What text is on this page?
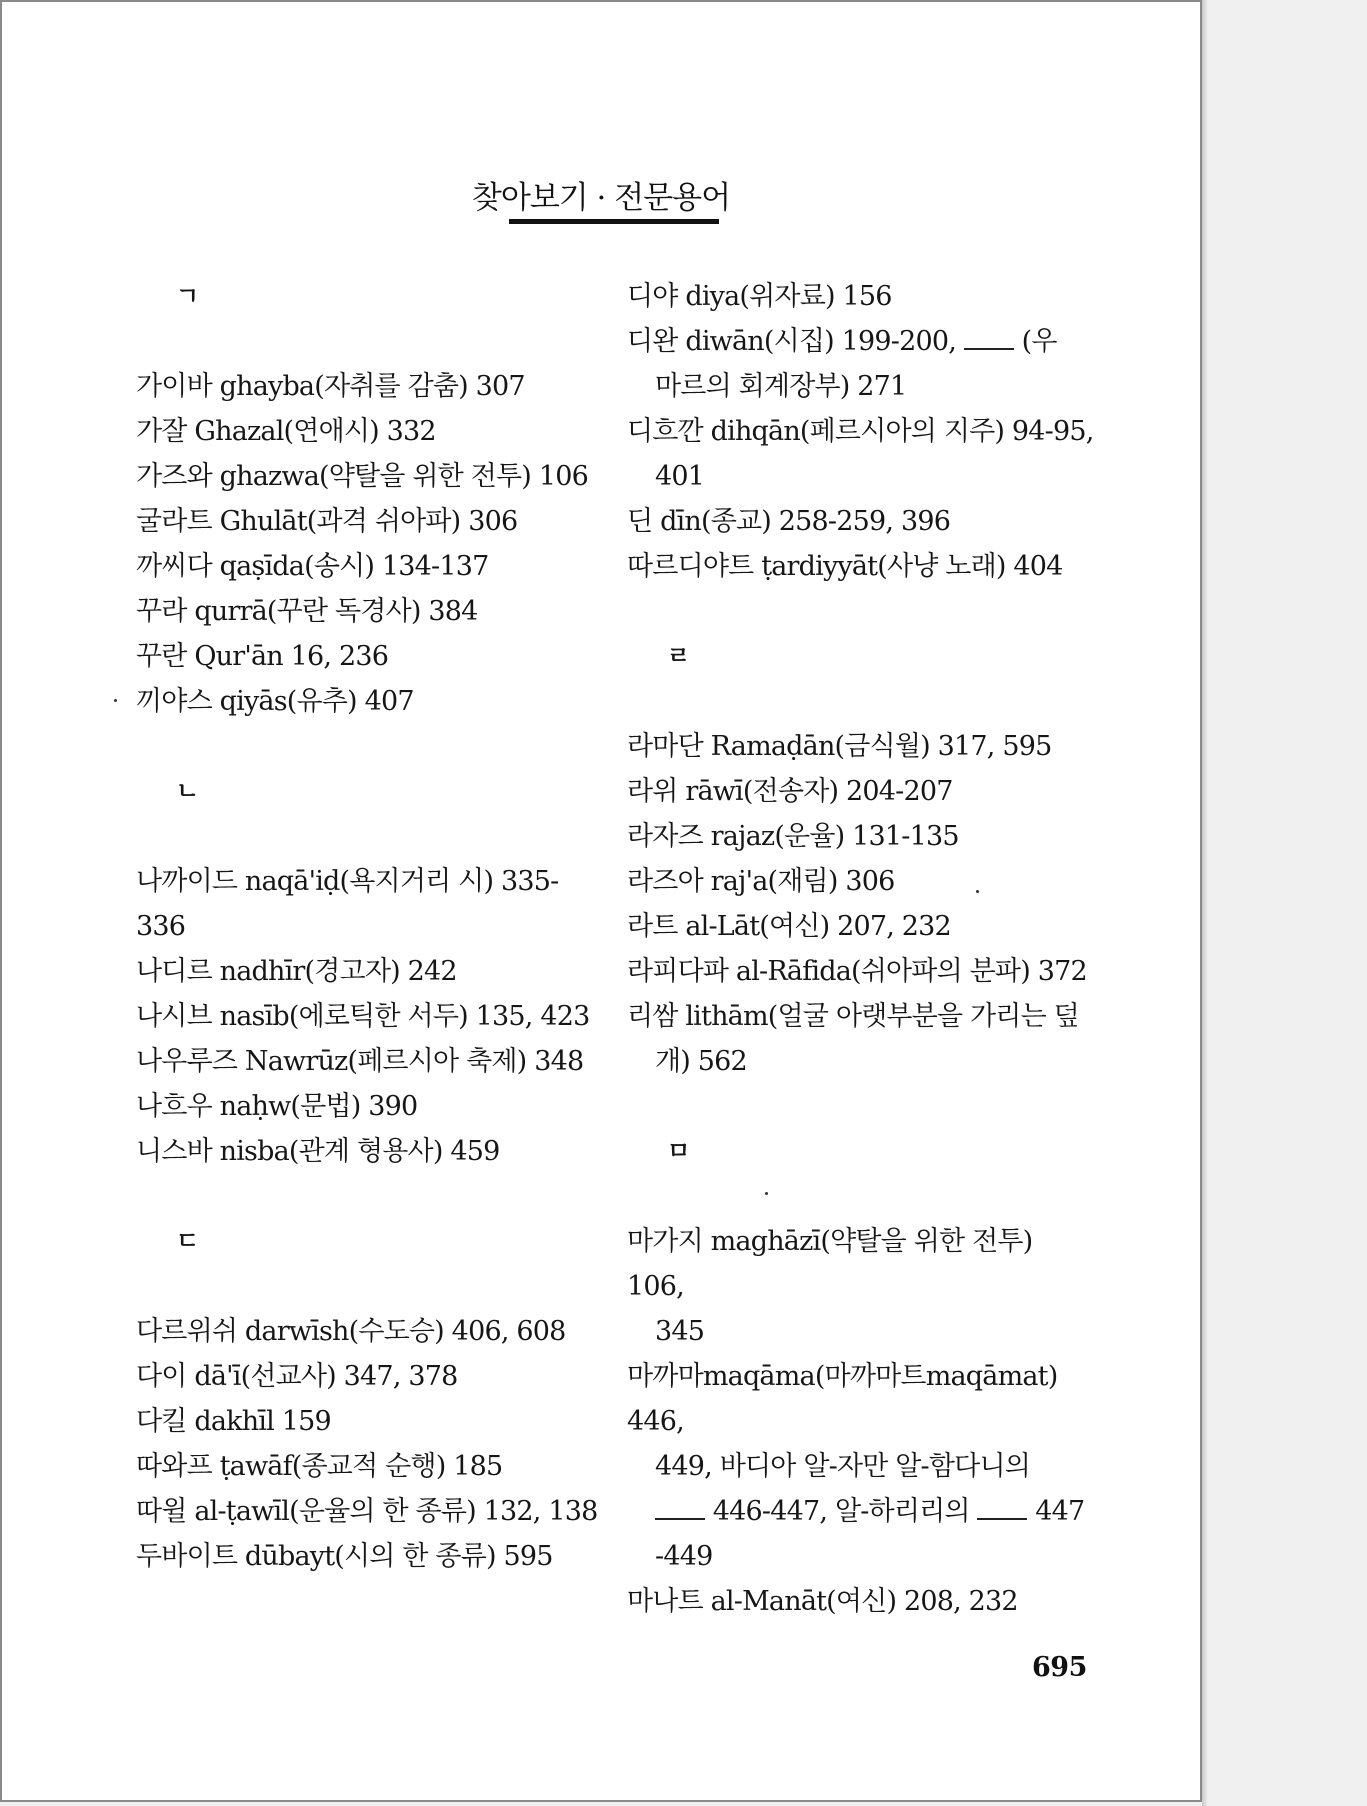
찾아보기 · 전문용어
ㄱ
가이바 ghayba(자취를 감춤) 307
가잘 Ghazal(연애시) 332
가즈와 ghazwa(약탈을 위한 전투) 106
굴라트 Ghulāt(과격 쉬아파) 306
까씨다 qaṣīda(송시) 134-137
꾸라 qurrā(꾸란 독경사) 384
꾸란 Qur'ān 16, 236
끼야스 qiyās(유추) 407
ㄴ
나까이드 naqā'iḍ(욕지거리 시) 335-336
나디르 nadhīr(경고자) 242
나시브 nasīb(에로틱한 서두) 135, 423
나우루즈 Nawrūz(페르시아 축제) 348
나흐우 naḥw(문법) 390
니스바 nisba(관계 형용사) 459
ㄷ
다르위쉬 darwīsh(수도승) 406, 608
다이 dā'ī(선교사) 347, 378
다킬 dakhīl 159
따와프 ṭawāf(종교적 순행) 185
따윌 al-ṭawīl(운율의 한 종류) 132, 138
두바이트 dūbayt(시의 한 종류) 595
디야 diya(위자료) 156
디완 diwān(시집) 199-200, (우
마르의 회계장부) 271
디흐깐 dihqān(페르시아의 지주) 94-95,
401
딘 dīn(종교) 258-259, 396
따르디야트 ṭardiyyāt(사냥 노래) 404
ㄹ
라마단 Ramaḍān(금식월) 317, 595
라위 rāwī(전송자) 204-207
라자즈 rajaz(운율) 131-135
라즈아 raj'a(재림) 306
라트 al-Lāt(여신) 207, 232
라피다파 al-Rāfida(쉬아파의 분파) 372
리쌈 lithām(얼굴 아랫부분을 가리는 덮
개) 562
ㅁ
마가지 maghāzī(약탈을 위한 전투) 106,
345
마까마maqāma(마까마트maqāmat) 446,
449, 바디아 알-자만 알-함다니의
446-447, 알-하리리의 447
-449
마나트 al-Manāt(여신) 208, 232
695
